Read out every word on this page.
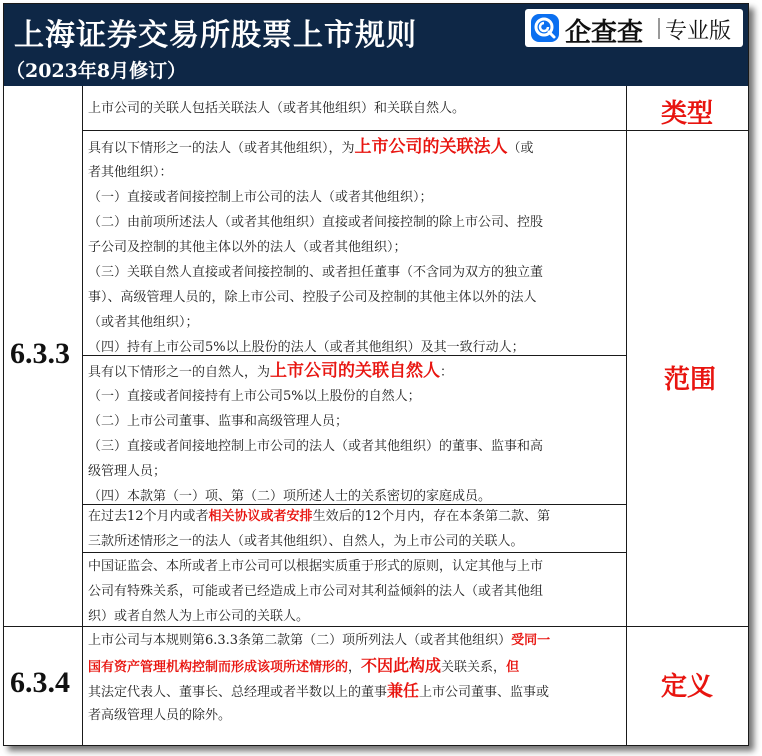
上海证券交易所股票上市规则
（2023年8月修订）
企查查 专业版
6.3.3
6.3.4
类型
范围
定义
上市公司的关联人包括关联法人（或者其他组织）和关联自然人。
具有以下情形之一的法人（或者其他组织），为上市公司的关联法人（或
者其他组织）：
（一）直接或者间接控制上市公司的法人（或者其他组织）；
（二）由前项所述法人（或者其他组织）直接或者间接控制的除上市公司、控股
子公司及控制的其他主体以外的法人（或者其他组织）；
（三）关联自然人直接或者间接控制的、或者担任董事（不含同为双方的独立董
事）、高级管理人员的，除上市公司、控股子公司及控制的其他主体以外的法人
（或者其他组织）；
（四）持有上市公司5%以上股份的法人（或者其他组织）及其一致行动人；
具有以下情形之一的自然人，为上市公司的关联自然人：
（一）直接或者间接持有上市公司5%以上股份的自然人；
（二）上市公司董事、监事和高级管理人员；
（三）直接或者间接地控制上市公司的法人（或者其他组织）的董事、监事和高
级管理人员；
（四）本款第（一）项、第（二）项所述人士的关系密切的家庭成员。
在过去12个月内或者相关协议或者安排生效后的12个月内，存在本条第二款、第
三款所述情形之一的法人（或者其他组织）、自然人，为上市公司的关联人。
中国证监会、本所或者上市公司可以根据实质重于形式的原则，认定其他与上市
公司有特殊关系，可能或者已经造成上市公司对其利益倾斜的法人（或者其他组
织）或者自然人为上市公司的关联人。
上市公司与本规则第6.3.3条第二款第（二）项所列法人（或者其他组织）受同一
国有资产管理机构控制而形成该项所述情形的，不因此构成关联关系，但
其法定代表人、董事长、总经理或者半数以上的董事兼任上市公司董事、监事或
者高级管理人员的除外。
